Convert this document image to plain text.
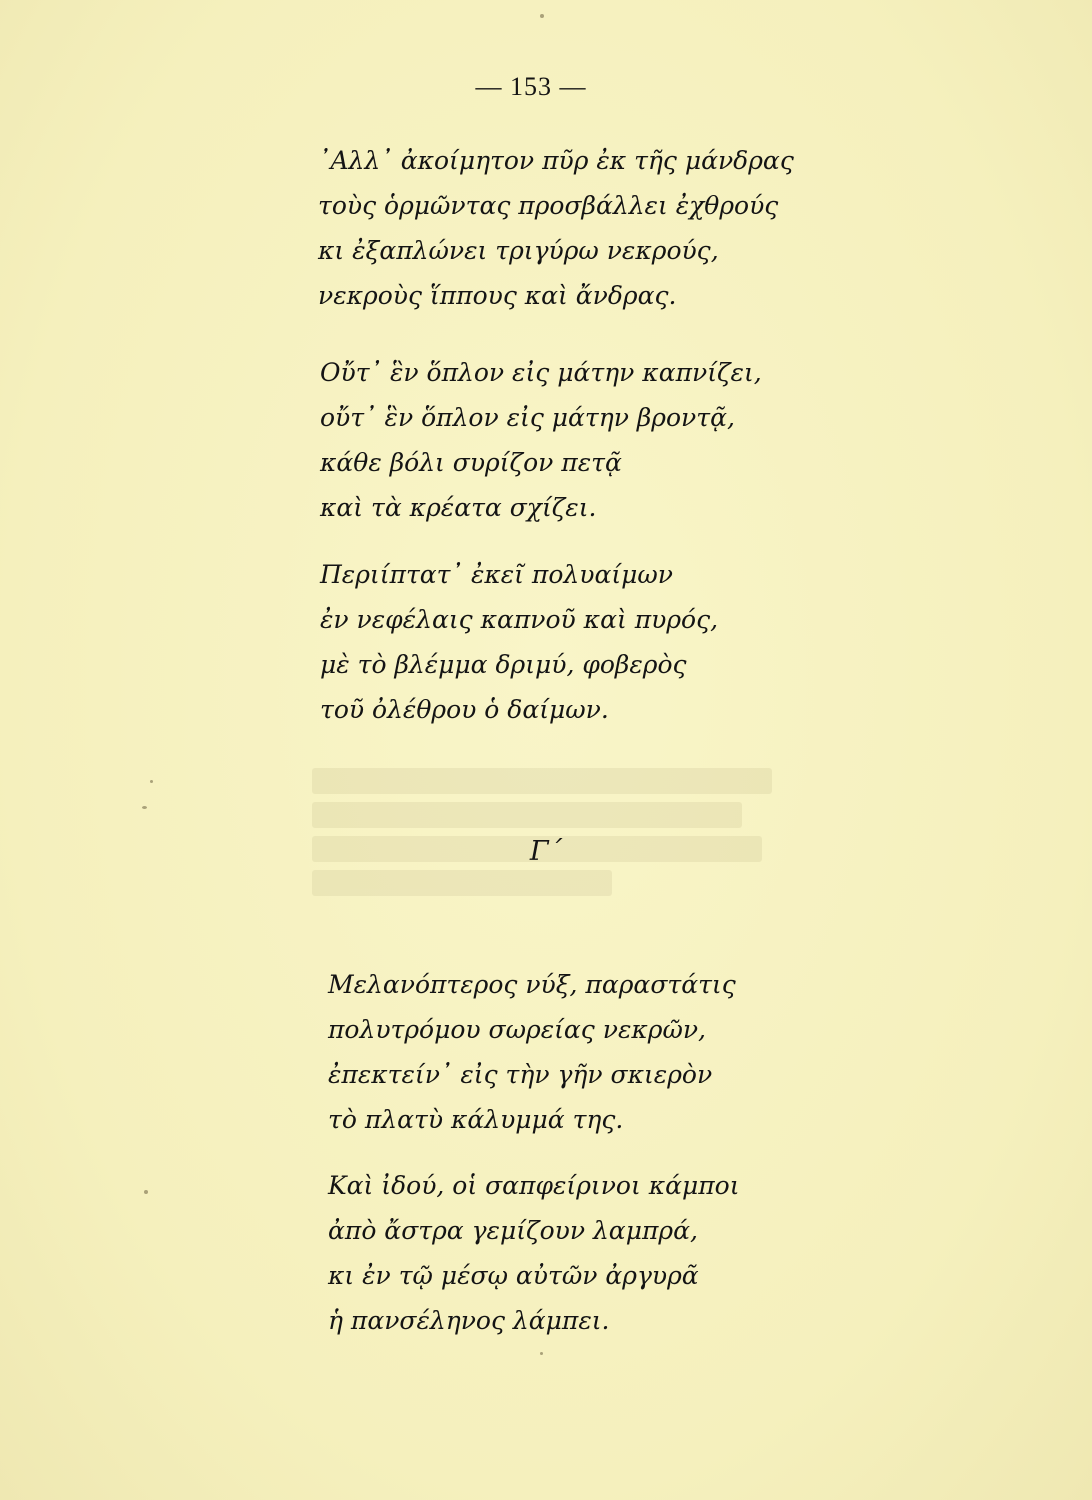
— 153 —
᾿Αλλ᾿ ἀκοίμητον πῦρ ἐκ τῆς μάνδρας
τοὺς ὁρμῶντας προσβάλλει ἐχθρούς
κι ἐξαπλώνει τριγύρω νεκρούς,
νεκροὺς ἵππους καὶ ἄνδρας.
Οὔτ᾿ ἓν ὅπλον εἰς μάτην καπνίζει,
οὔτ᾿ ἓν ὅπλον εἰς μάτην βροντᾷ,
κάθε βόλι συρίζον πετᾷ
καὶ τὰ κρέατα σχίζει.
Περιίπτατ᾿ ἐκεῖ πολυαίμων
ἐν νεφέλαις καπνοῦ καὶ πυρός,
μὲ τὸ βλέμμα δριμύ, φοβερὸς
τοῦ ὀλέθρου ὁ δαίμων.
Γ΄
Μελανόπτερος νύξ, παραστάτις
πολυτρόμου σωρείας νεκρῶν,
ἐπεκτείν᾿ εἰς τὴν γῆν σκιερὸν
τὸ πλατὺ κάλυμμά της.
Καὶ ἰδού, οἱ σαπφείρινοι κάμποι
ἀπὸ ἄστρα γεμίζουν λαμπρά,
κι ἐν τῷ μέσῳ αὐτῶν ἀργυρᾶ
ἡ πανσέληνος λάμπει.
